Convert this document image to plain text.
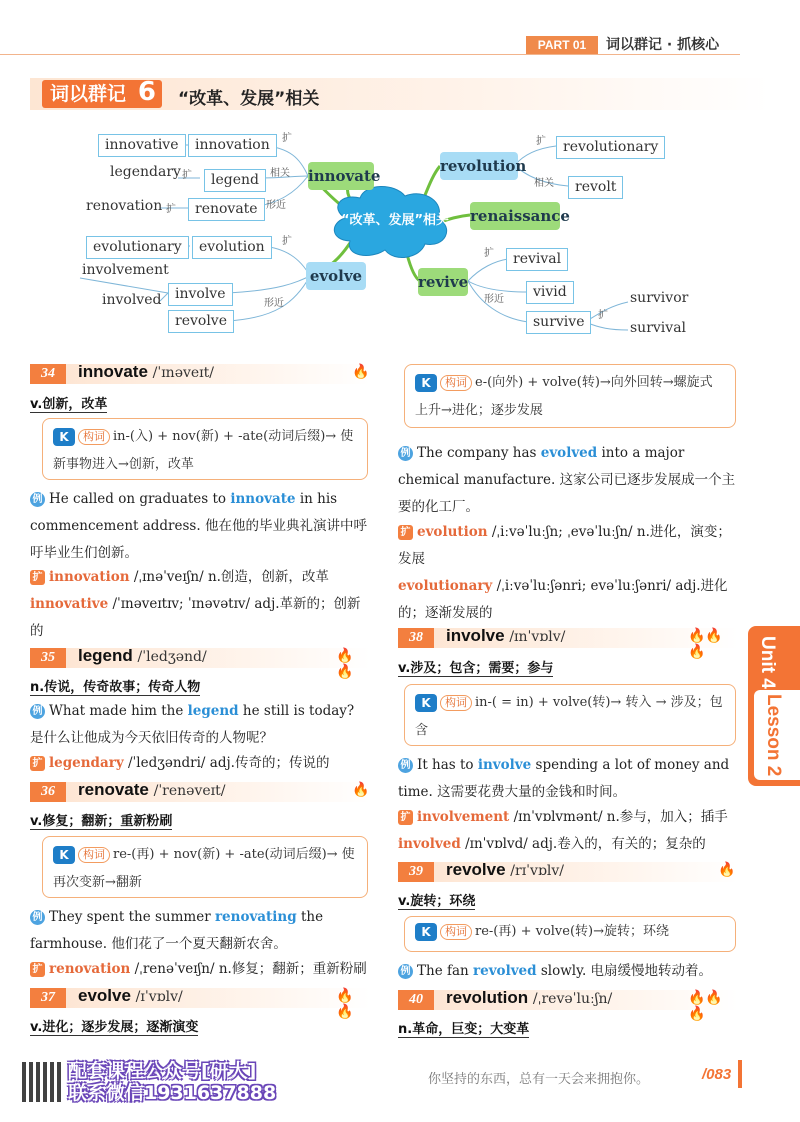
PART 01	词以群记 · 抓核心
词以群记 6 “改革、发展”相关
“改革、发展”相关
innovate
innovative	innovation	扩
legendary 扩	legend	相关
renovation 扩	renovate 形近
evolve
evolutionary	evolution	扩
involvement
involved involve
形近
revolve
revolution
扩	revolutionary
相关	revolt
renaissance
revive
扩	revival
形近	vivid
survive	扩
survivor
survival
34	innovate /ˈɪnəveɪt/	🔥
v.创新，改革
K 构词 in-(入) + nov(新) + -ate(动词后缀)→ 使新事物进入→创新，改革
例 He called on graduates to innovate in his commencement address. 他在他的毕业典礼演讲中呼吁毕业生们创新。
扩 innovation /ˌɪnəˈveɪʃn/ n.创造，创新，改革
innovative /ˈɪnəveɪtɪv; ˈɪnəvətɪv/ adj.革新的；创新的
35	legend /ˈledʒənd/	🔥🔥
n.传说，传奇故事；传奇人物
例 What made him the legend he still is today? 是什么让他成为今天依旧传奇的人物呢？
扩 legendary /ˈledʒəndri/ adj.传奇的；传说的
36	renovate /ˈrenəveɪt/	🔥
v.修复；翻新；重新粉刷
K 构词 re-(再) + nov(新) + -ate(动词后缀)→ 使再次变新→翻新
例 They spent the summer renovating the farmhouse. 他们花了一个夏天翻新农舍。
扩 renovation /ˌrenəˈveɪʃn/ n.修复；翻新；重新粉刷
37	evolve /ɪˈvɒlv/	🔥🔥
v.进化；逐步发展；逐渐演变
K 构词 e-(向外) + volve(转)→向外回转→螺旋式上升→进化；逐步发展
例 The company has evolved into a major chemical manufacture. 这家公司已逐步发展成一个主要的化工厂。
扩 evolution /ˌiːvəˈluːʃn; ˌevəˈluːʃn/ n.进化，演变；发展
evolutionary /ˌiːvəˈluːʃənri; evəˈluːʃənri/ adj.进化的；逐渐发展的
38	involve /ɪnˈvɒlv/	🔥🔥🔥
v.涉及；包含；需要；参与
K 构词 in-( = in) + volve(转)→ 转入 → 涉及；包含
例 It has to involve spending a lot of money and time. 这需要花费大量的金钱和时间。
扩 involvement /ɪnˈvɒlvmənt/ n.参与，加入；插手
involved /ɪnˈvɒlvd/ adj.卷入的，有关的；复杂的
39	revolve /rɪˈvɒlv/	🔥
v.旋转；环绕
K 构词 re-(再) + volve(转)→旋转；环绕
例 The fan revolved slowly. 电扇缓慢地转动着。
40	revolution /ˌrevəˈluːʃn/	🔥🔥🔥
n.革命，巨变；大变革
Unit 4
Lesson 2
配套课程公众号[研大]
联系微信1931637888
你坚持的东西，总有一天会来拥抱你。	/083
